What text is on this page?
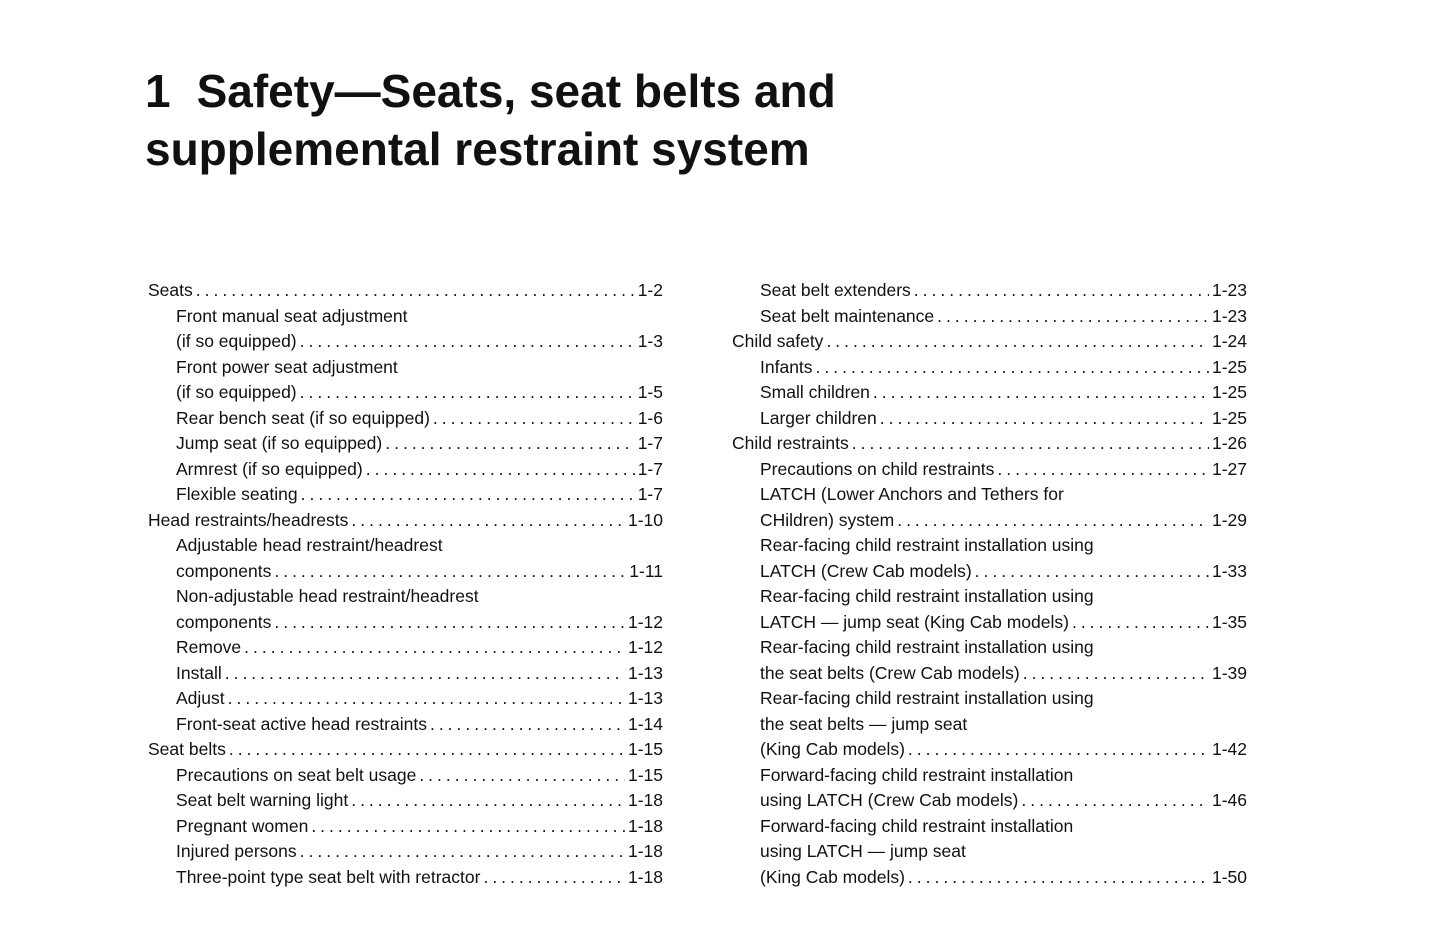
1 Safety—Seats, seat belts and
supplemental restraint system
Seats .....	1-2
Front manual seat adjustment
(if so equipped) .....	1-3
Front power seat adjustment
(if so equipped) .....	1-5
Rear bench seat (if so equipped) .....	1-6
Jump seat (if so equipped) .....	1-7
Armrest (if so equipped) .....	1-7
Flexible seating .....	1-7
Head restraints/headrests .....	1-10
Adjustable head restraint/headrest
components .....	1-11
Non-adjustable head restraint/headrest
components .....	1-12
Remove .....	1-12
Install .....	1-13
Adjust .....	1-13
Front-seat active head restraints .....	1-14
Seat belts .....	1-15
Precautions on seat belt usage .....	1-15
Seat belt warning light .....	1-18
Pregnant women .....	1-18
Injured persons .....	1-18
Three-point type seat belt with retractor .....	1-18
Seat belt extenders .....	1-23
Seat belt maintenance .....	1-23
Child safety .....	1-24
Infants .....	1-25
Small children .....	1-25
Larger children .....	1-25
Child restraints .....	1-26
Precautions on child restraints .....	1-27
LATCH (Lower Anchors and Tethers for
CHildren) system .....	1-29
Rear-facing child restraint installation using
LATCH (Crew Cab models) .....	1-33
Rear-facing child restraint installation using
LATCH — jump seat (King Cab models) .....	1-35
Rear-facing child restraint installation using
the seat belts (Crew Cab models) .....	1-39
Rear-facing child restraint installation using
the seat belts — jump seat
(King Cab models) .....	1-42
Forward-facing child restraint installation
using LATCH (Crew Cab models) .....	1-46
Forward-facing child restraint installation
using LATCH — jump seat
(King Cab models) .....	1-50
